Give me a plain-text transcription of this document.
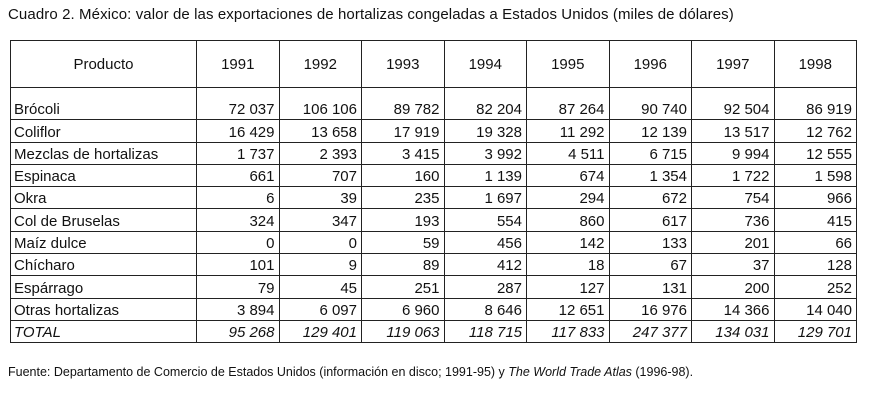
Cuadro 2. México: valor de las exportaciones de hortalizas congeladas a Estados Unidos (miles de dólares)
Producto	1991	1992	1993	1994	1995	1996	1997	1998

Brócoli	72 037	106 106	89 782	82 204	87 264	90 740	92 504	86 919
Coliflor	16 429	13 658	17 919	19 328	11 292	12 139	13 517	12 762
Mezclas de hortalizas	1 737	2 393	3 415	3 992	4 511	6 715	9 994	12 555
Espinaca	661	707	160	1 139	674	1 354	1 722	1 598
Okra	6	39	235	1 697	294	672	754	966
Col de Bruselas	324	347	193	554	860	617	736	415
Maíz dulce	0	0	59	456	142	133	201	66
Chícharo	101	9	89	412	18	67	37	128
Espárrago	79	45	251	287	127	131	200	252
Otras hortalizas	3 894	6 097	6 960	8 646	12 651	16 976	14 366	14 040
TOTAL	95 268	129 401	119 063	118 715	117 833	247 377	134 031	129 701
Fuente: Departamento de Comercio de Estados Unidos (información en disco; 1991-95) y The World Trade Atlas (1996-98).
